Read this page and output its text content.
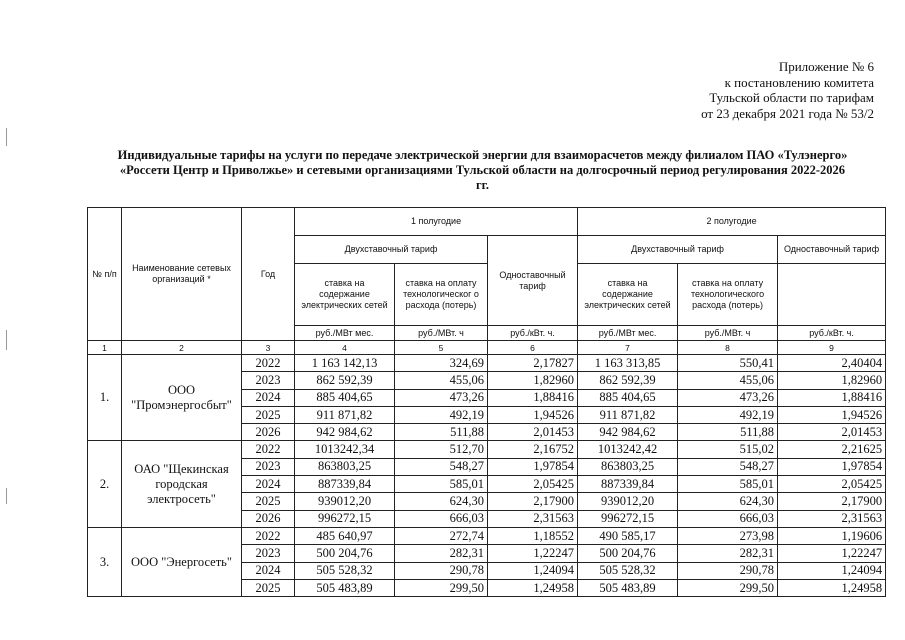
Приложение № 6
к постановлению комитета
Тульской области по тарифам
от 23 декабря 2021 года № 53/2
Индивидуальные тарифы на услуги по передаче электрической энергии для взаиморасчетов между филиалом ПАО «Тулэнерго»
«Россети Центр и Приволжье» и сетевыми организациями Тульской области на долгосрочный период регулирования 2022-2026
гг.
№ п/п	Наименование сетевых организаций *	Год	1 полугодие			2 полугодие		
			Двухставочный тариф		Одноставочный тариф	Двухставочный тариф		Одноставочный тариф
			ставка на содержание электрических сетей	ставка на оплату технологическог о расхода (потерь)		ставка на содержание электрических сетей	ставка на оплату технологического расхода (потерь)	
			руб./МВт мес.	руб./МВт. ч	руб./кВт. ч.	руб./МВт мес.	руб./МВт. ч	руб./кВт. ч.
1	2	3	4	5	6	7	8	9
1.	ООО "Промэнергосбыт"	2022	1 163 142,13	324,69	2,17827	1 163 313,85	550,41	2,40404
		2023	862 592,39	455,06	1,82960	862 592,39	455,06	1,82960
		2024	885 404,65	473,26	1,88416	885 404,65	473,26	1,88416
		2025	911 871,82	492,19	1,94526	911 871,82	492,19	1,94526
		2026	942 984,62	511,88	2,01453	942 984,62	511,88	2,01453
2.	ОАО "Щекинская городская электросеть"	2022	1013242,34	512,70	2,16752	1013242,42	515,02	2,21625
		2023	863803,25	548,27	1,97854	863803,25	548,27	1,97854
		2024	887339,84	585,01	2,05425	887339,84	585,01	2,05425
		2025	939012,20	624,30	2,17900	939012,20	624,30	2,17900
		2026	996272,15	666,03	2,31563	996272,15	666,03	2,31563
3.	ООО "Энергосеть"	2022	485 640,97	272,74	1,18552	490 585,17	273,98	1,19606
		2023	500 204,76	282,31	1,22247	500 204,76	282,31	1,22247
		2024	505 528,32	290,78	1,24094	505 528,32	290,78	1,24094
		2025	505 483,89	299,50	1,24958	505 483,89	299,50	1,24958
